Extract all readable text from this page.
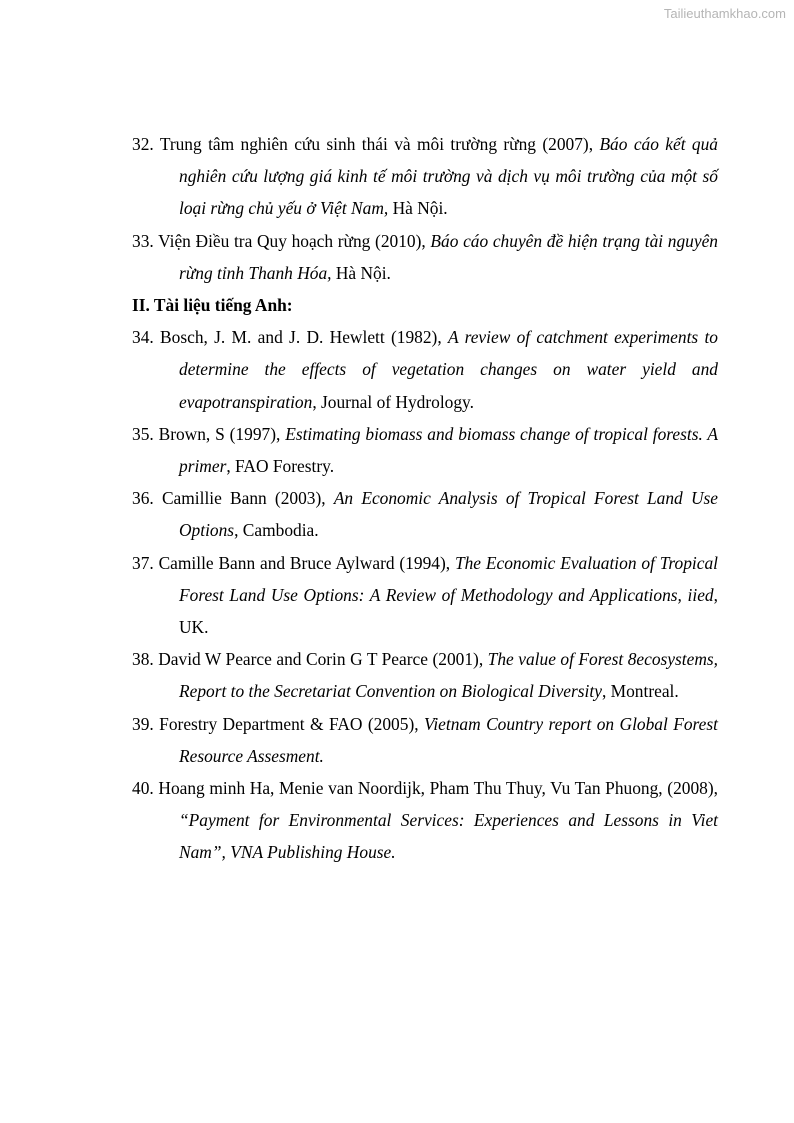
Tailieuthamkhao.com

32. Trung tâm nghiên cứu sinh thái và môi trường rừng (2007), Báo cáo kết quả nghiên cứu lượng giá kinh tế môi trường và dịch vụ môi trường của một số loại rừng chủ yếu ở Việt Nam, Hà Nội.

33. Viện Điều tra Quy hoạch rừng (2010), Báo cáo chuyên đề hiện trạng tài nguyên rừng tỉnh Thanh Hóa, Hà Nội.

II. Tài liệu tiếng Anh:

34. Bosch, J. M. and J. D. Hewlett (1982), A review of catchment experiments to determine the effects of vegetation changes on water yield and evapotranspiration, Journal of Hydrology.

35. Brown, S (1997), Estimating biomass and biomass change of tropical forests. A primer, FAO Forestry.

36. Camillie Bann (2003), An Economic Analysis of Tropical Forest Land Use Options, Cambodia.

37. Camille Bann and Bruce Aylward (1994), The Economic Evaluation of Tropical Forest Land Use Options: A Review of Methodology and Applications, iied, UK.

38. David W Pearce and Corin G T Pearce (2001), The value of Forest 8ecosystems, Report to the Secretariat Convention on Biological Diversity, Montreal.

39. Forestry Department & FAO (2005), Vietnam Country report on Global Forest Resource Assesment.

40. Hoang minh Ha, Menie van Noordijk, Pham Thu Thuy, Vu Tan Phuong, (2008), “Payment for Environmental Services: Experiences and Lessons in Viet Nam”, VNA Publishing House.
